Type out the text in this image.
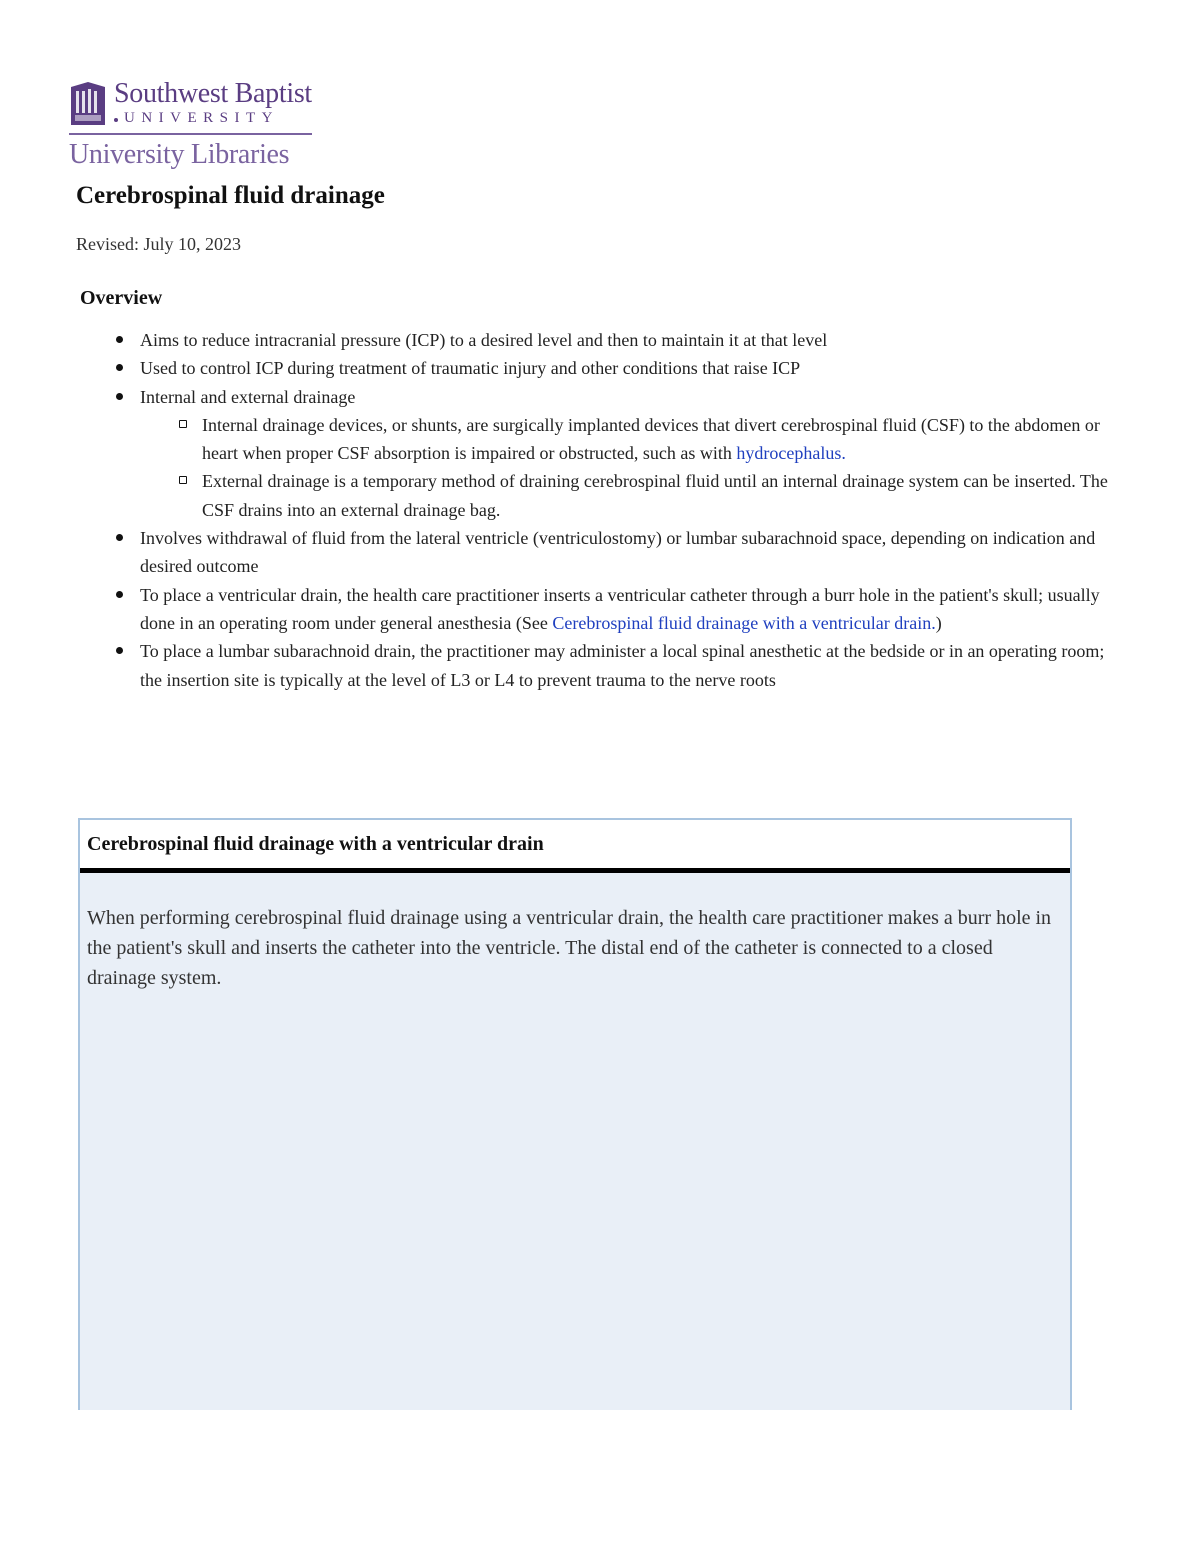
Southwest Baptist
UNIVERSITY
University Libraries
Cerebrospinal fluid drainage
Revised: July 10, 2023
Overview
Aims to reduce intracranial pressure (ICP) to a desired level and then to maintain it at that level
Used to control ICP during treatment of traumatic injury and other conditions that raise ICP
Internal and external drainage
Internal drainage devices, or shunts, are surgically implanted devices that divert cerebrospinal fluid (CSF) to the abdomen or heart when proper CSF absorption is impaired or obstructed, such as with hydrocephalus.
External drainage is a temporary method of draining cerebrospinal fluid until an internal drainage system can be inserted. The CSF drains into an external drainage bag.
Involves withdrawal of fluid from the lateral ventricle (ventriculostomy) or lumbar subarachnoid space, depending on indication and desired outcome
To place a ventricular drain, the health care practitioner inserts a ventricular catheter through a burr hole in the patient's skull; usually done in an operating room under general anesthesia (See Cerebrospinal fluid drainage with a ventricular drain.)
To place a lumbar subarachnoid drain, the practitioner may administer a local spinal anesthetic at the bedside or in an operating room; the insertion site is typically at the level of L3 or L4 to prevent trauma to the nerve roots
Cerebrospinal fluid drainage with a ventricular drain

When performing cerebrospinal fluid drainage using a ventricular drain, the health care practitioner makes a burr hole in the patient's skull and inserts the catheter into the ventricle. The distal end of the catheter is connected to a closed drainage system.
